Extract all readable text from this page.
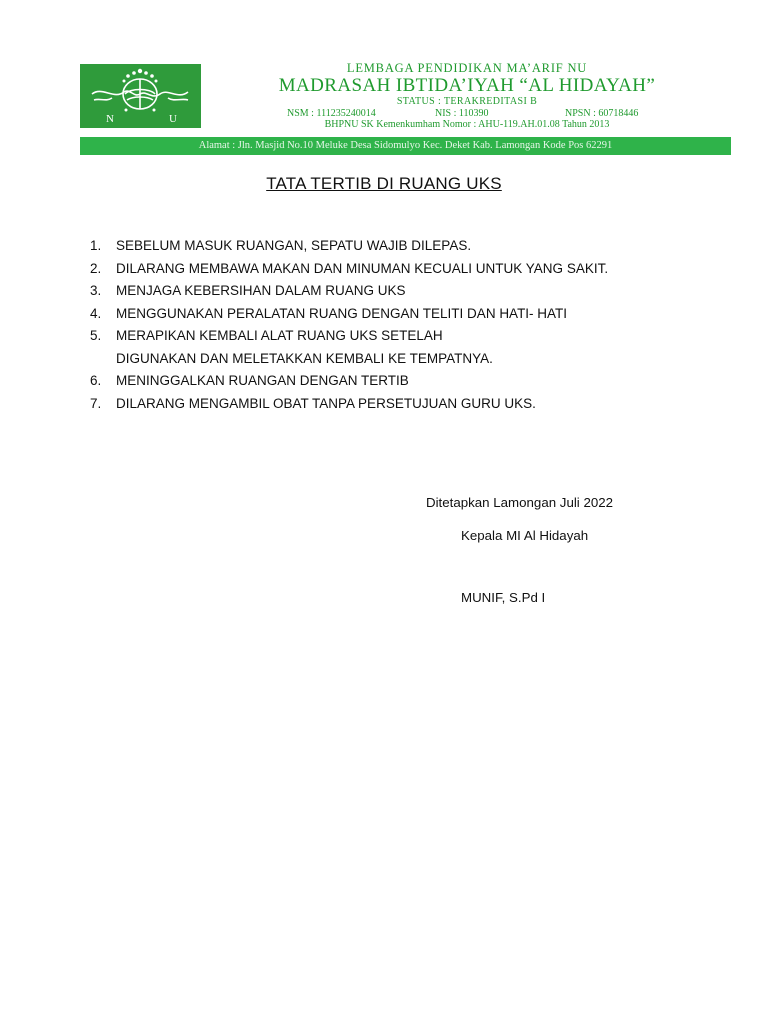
N	U
LEMBAGA PENDIDIKAN MA’ARIF NU
MADRASAH IBTIDA’IYAH “AL HIDAYAH”
STATUS : TERAKREDITASI B
NSM : 111235240014	NIS : 110390	NPSN : 60718446
BHPNU SK Kemenkumham Nomor : AHU-119.AH.01.08 Tahun 2013
Alamat : Jln. Masjid No.10 Meluke Desa Sidomulyo Kec. Deket Kab. Lamongan Kode Pos 62291
TATA TERTIB DI RUANG UKS
1.	SEBELUM MASUK RUANGAN, SEPATU WAJIB DILEPAS.
2.	DILARANG MEMBAWA MAKAN DAN MINUMAN KECUALI UNTUK YANG SAKIT.
3.	MENJAGA KEBERSIHAN DALAM RUANG UKS
4.	MENGGUNAKAN PERALATAN RUANG DENGAN TELITI DAN HATI- HATI
5.	MERAPIKAN KEMBALI ALAT RUANG UKS SETELAH
DIGUNAKAN DAN MELETAKKAN KEMBALI KE TEMPATNYA.
6.	MENINGGALKAN RUANGAN DENGAN TERTIB
7.	DILARANG MENGAMBIL OBAT TANPA PERSETUJUAN GURU UKS.
Ditetapkan Lamongan Juli 2022
Kepala MI Al Hidayah
MUNIF, S.Pd I
